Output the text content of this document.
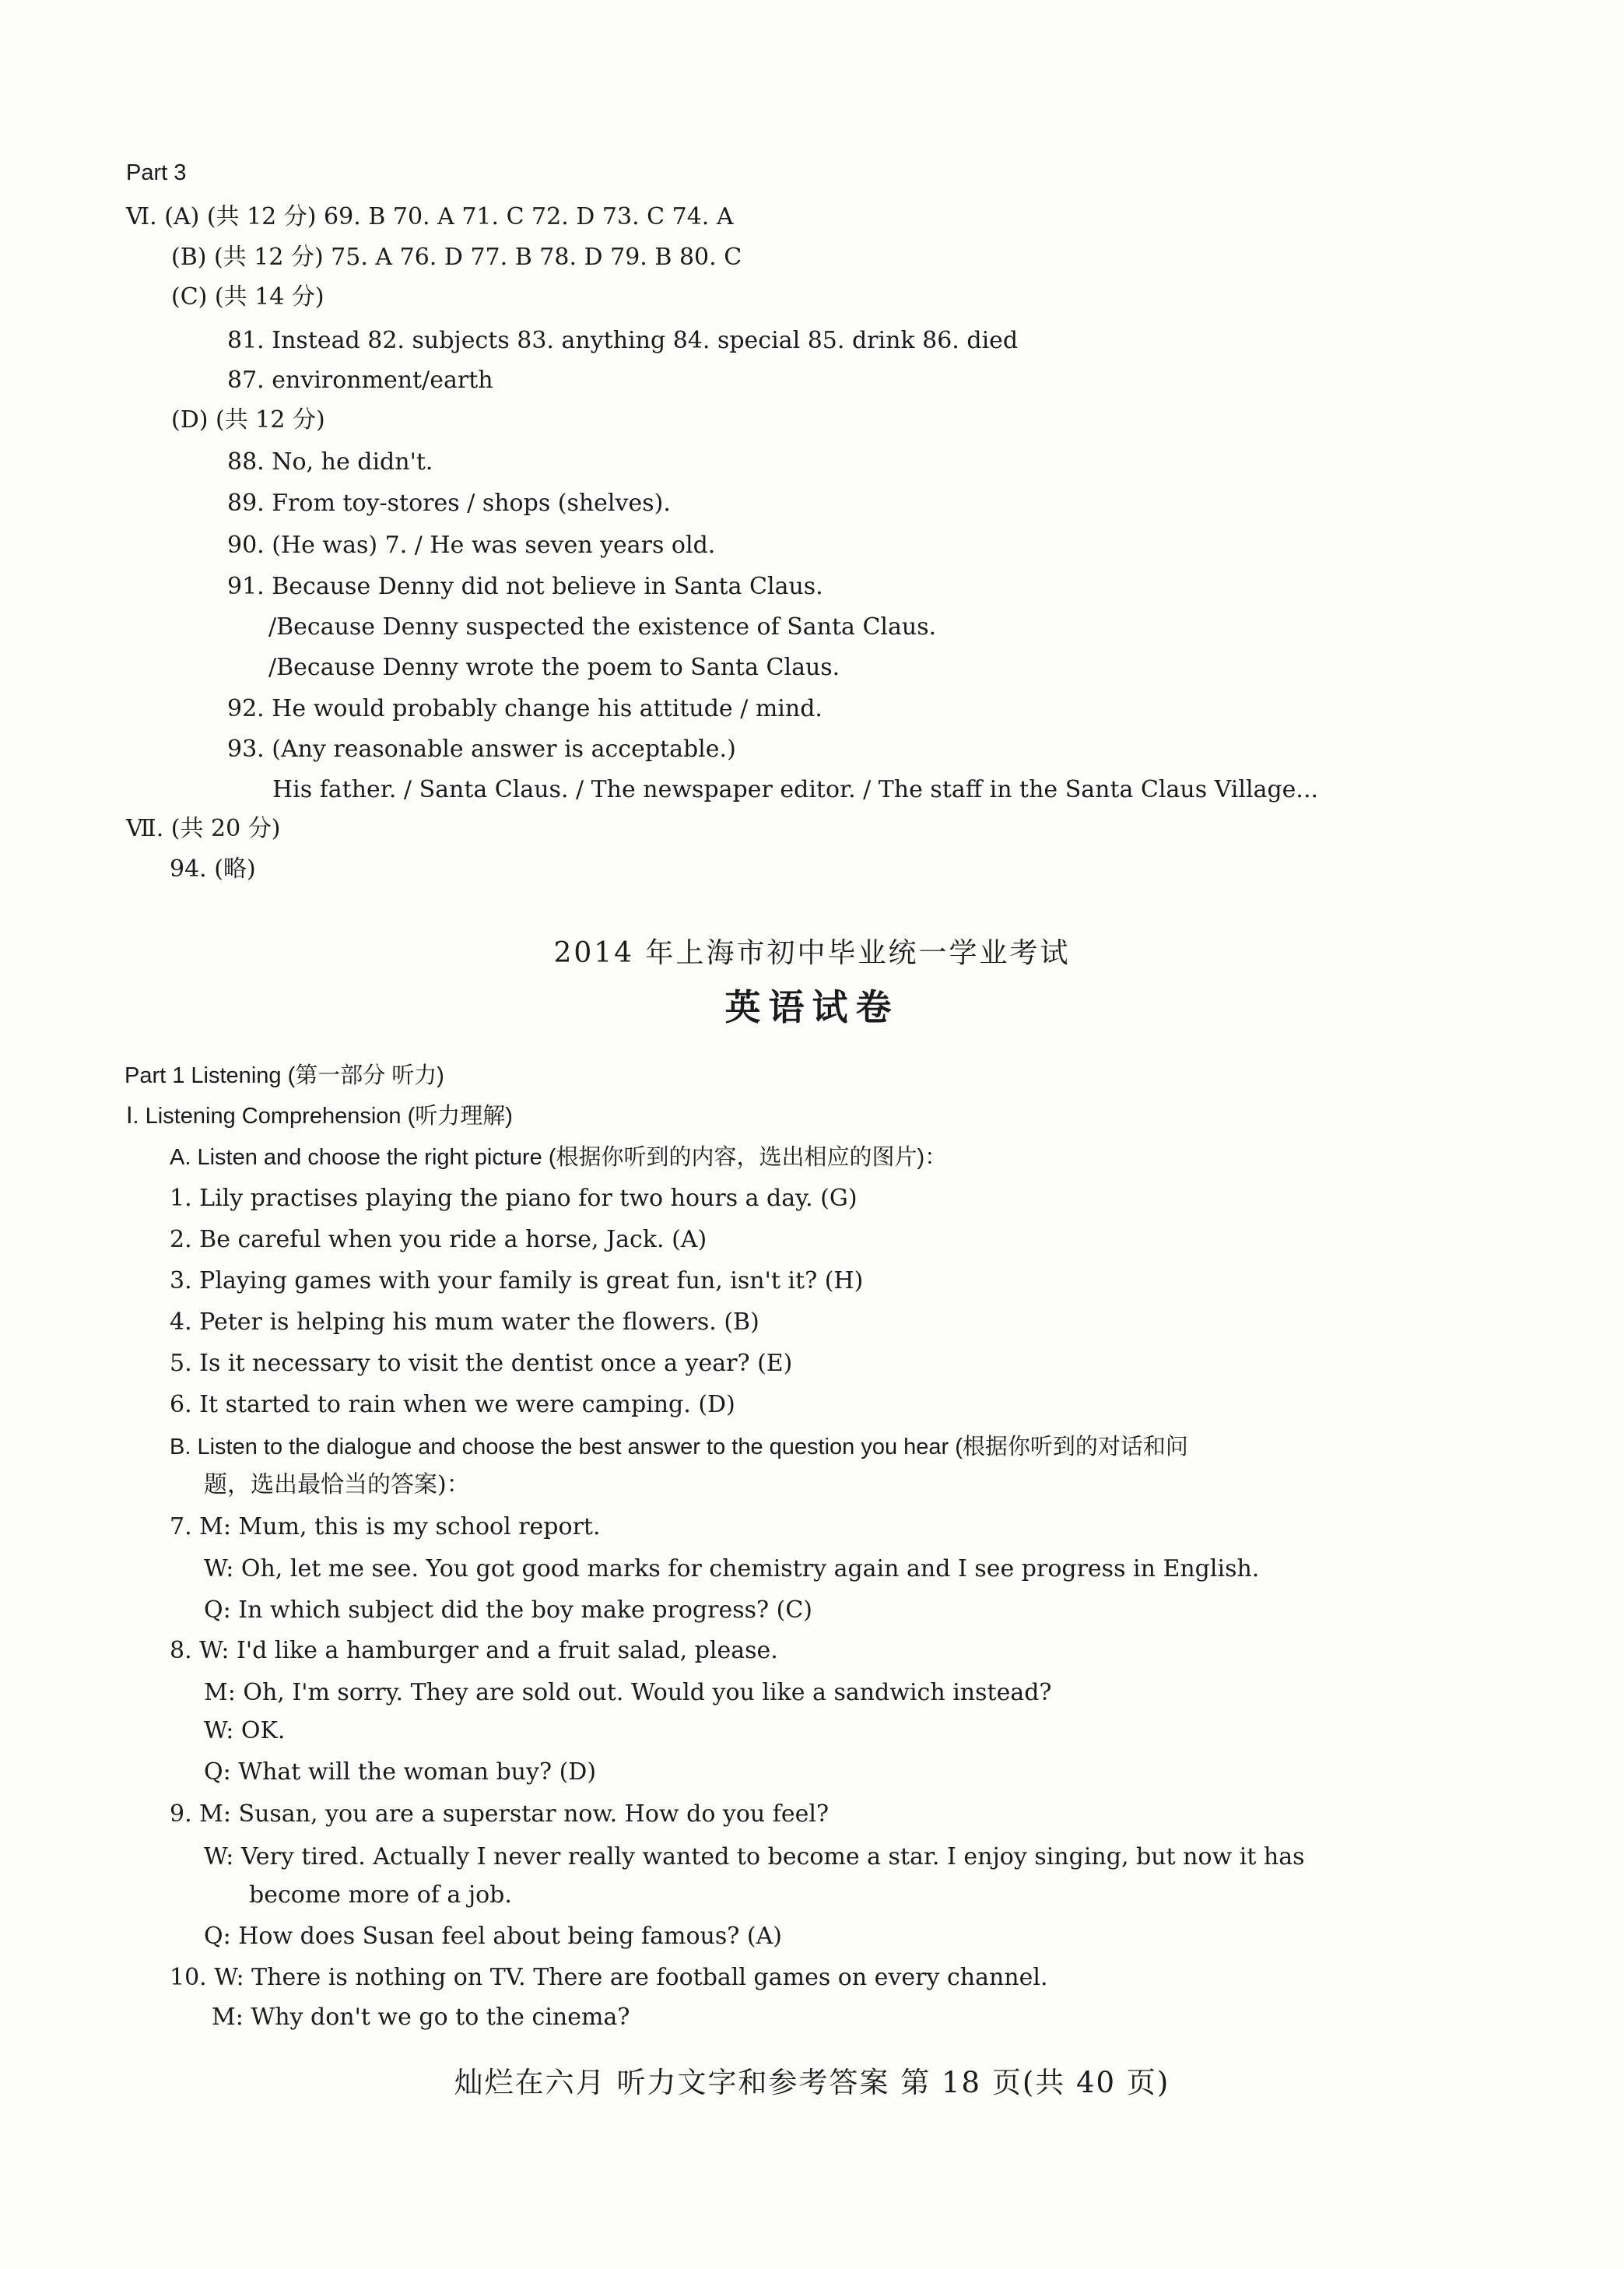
Part 3
Ⅵ. (A) (共 12 分) 69. B 70. A 71. C 72. D 73. C 74. A
(B) (共 12 分) 75. A 76. D 77. B 78. D 79. B 80. C
(C) (共 14 分)
81. Instead 82. subjects 83. anything 84. special 85. drink 86. died
87. environment/earth
(D) (共 12 分)
88. No, he didn't.
89. From toy-stores / shops (shelves).
90. (He was) 7. / He was seven years old.
91. Because Denny did not believe in Santa Claus.
/Because Denny suspected the existence of Santa Claus.
/Because Denny wrote the poem to Santa Claus.
92. He would probably change his attitude / mind.
93. (Any reasonable answer is acceptable.)
His father. / Santa Claus. / The newspaper editor. / The staff in the Santa Claus Village...
Ⅶ. (共 20 分)
94. (略)
2014 年上海市初中毕业统一学业考试
英语试卷
Part 1 Listening (第一部分 听力)
Ⅰ. Listening Comprehension (听力理解)
A. Listen and choose the right picture (根据你听到的内容，选出相应的图片)：
1. Lily practises playing the piano for two hours a day. (G)
2. Be careful when you ride a horse, Jack. (A)
3. Playing games with your family is great fun, isn't it? (H)
4. Peter is helping his mum water the flowers. (B)
5. Is it necessary to visit the dentist once a year? (E)
6. It started to rain when we were camping. (D)
B. Listen to the dialogue and choose the best answer to the question you hear (根据你听到的对话和问
题，选出最恰当的答案)：
7. M: Mum, this is my school report.
W: Oh, let me see. You got good marks for chemistry again and I see progress in English.
Q: In which subject did the boy make progress? (C)
8. W: I'd like a hamburger and a fruit salad, please.
M: Oh, I'm sorry. They are sold out. Would you like a sandwich instead?
W: OK.
Q: What will the woman buy? (D)
9. M: Susan, you are a superstar now. How do you feel?
W: Very tired. Actually I never really wanted to become a star. I enjoy singing, but now it has
become more of a job.
Q: How does Susan feel about being famous? (A)
10. W: There is nothing on TV. There are football games on every channel.
M: Why don't we go to the cinema?
灿烂在六月 听力文字和参考答案 第 18 页(共 40 页)
